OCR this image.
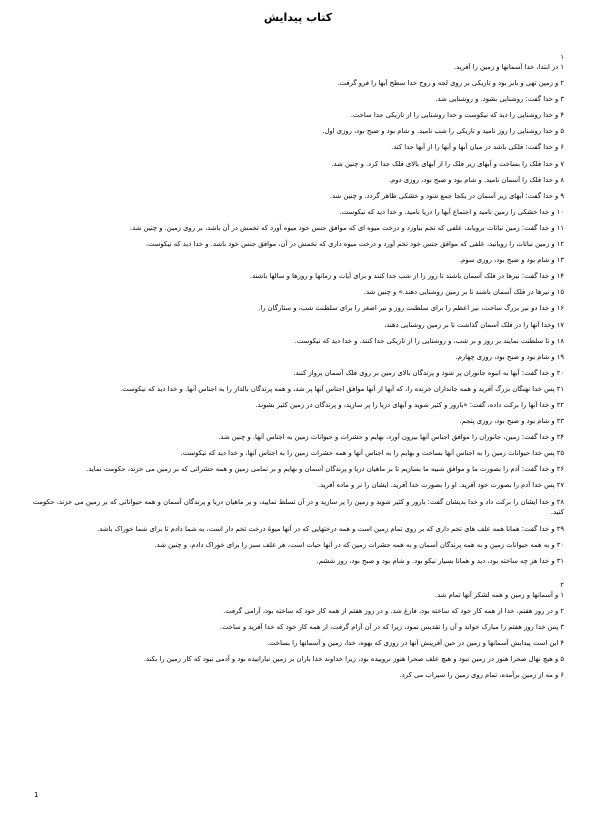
کتاب پیدایش
۱
۱در ابتدا، خدا آسمانها و زمین را آفرید.
۲و زمین تهی و بایر بود و تاریکی بر روی لجه و روح خدا سطح آبها را فرو گرفت.
۳و خدا گفت: روشنایی بشود. و روشنایی شد.
۴و خدا روشنایی را دید که نیکوست و خدا روشنایی را از تاریکی جدا ساخت.
۵و خدا روشنایی را روز نامید و تاریکی را شب نامید. و شام بود و صبح بود، روزی اول.
۶و خدا گفت: فلکی باشد در میان آبها و آبها را از آبها جدا کند.
۷و خدا فلک را بساخت و آبهای زیر فلک را از آبهای بالای فلک جدا کرد. و چنین شد.
۸و خدا فلک را آسمان نامید. و شام بود و صبح بود، روزی دوم.
۹و خدا گفت: آبهای زیر آسمان در یکجا جمع شود و خشکی ظاهر گردد. و چنین شد.
۱۰و خدا خشکی را زمین نامید و اجتماع آبها را دریا نامید. و خدا دید که نیکوست.
۱۱و خدا گفت: زمین نباتات برویاند، علفی که تخم بیاورد و درخت میوه ای که موافق جنس خود میوه آورد که تخمش در آن باشد، بر روی زمین. و چنین شد.
۱۲و زمین نباتات را رویانید، علفی که موافق جنس خود تخم آورد و درخت میوه داری که تخمش در آن، موافق جنس خود باشد. و خدا دید که نیکوست.
۱۳و شام بود و صبح بود، روزی سوم.
۱۴و خدا گفت: نیرها در فلک آسمان باشند تا روز را از شب جدا کنند و برای آیات و زمانها و روزها و سالها باشند.
۱۵و نیرها در فلک آسمان باشند تا بر زمین روشنایی دهند.» و چنین شد.
۱۶و خدا دو نیر بزرگ ساخت، نیر اعظم را برای سلطنت روز و نیر اصغر را برای سلطنت شب، و ستارگان را.
۱۷وخدا آنها را در فلک آسمان گذاشت تا بر زمین روشنایی دهند،
۱۸و تا سلطنت نمایند بر روز و بر شب، و روشنایی را از تاریکی جدا کنند. و خدا دید که نیکوست.
۱۹و شام بود و صبح بود، روزی چهارم.
۲۰و خدا گفت: آبها به انبوه جانوران پر شود و پرندگان بالای زمین بر روی فلک آسمان پرواز کنند.
۲۱پس خدا نهنگان بزرگ آفرید و همه جانداران خزنده را، که آبها از آنها موافق اجناس آنها پر شد، و همه پرندگان بالدار را به اجناس آنها. و خدا دید که نیکوست.
۲۲و خدا آنها را برکت داده، گفت: «بارور و کثیر شوید و آبهای دریا را پر سازید، و پرندگان در زمین کثیر بشوند.
۲۳و شام بود و صبح بود، روزی پنجم.
۲۴و خدا گفت: زمین، جانوران را موافق اجناس آنها بیرون آورد، بهایم و حشرات و حیوانات زمین به اجناس آنها. و چنین شد.
۲۵پس خدا حیوانات زمین را به اجناس آنها بساخت و بهایم را به اجناس آنها و همه حشرات زمین را به اجناس آنها. و خدا دید که نیکوست.
۲۶و خدا گفت: آدم را بصورت ما و موافق شبیه ما بسازیم تا بر ماهیان دریا و پرندگان آسمان و بهایم و بر تمامی زمین و همه حشراتی که بر زمین می خزند، حکومت نماید.
۲۷پس خدا آدم را بصورت خود آفرید. او را بصورت خدا آفرید. ایشان را نر و ماده آفرید.
۲۸و خدا ایشان را برکت داد و خدا بدیشان گفت: بارور و کثیر شوید و زمین را پر سازید و در آن تسلط نمایید، و بر ماهیان دریا و پرندگان آسمان و همه حیواناتی که بر زمین می خزند، حکومت کنید.
۲۹و خدا گفت: همانا همه علف های تخم داری که بر روی تمام زمین است و همه درختهایی که در آنها میوۀ درخت تخم دار است، به شما دادم تا برای شما خوراک باشد.
۳۰و به همه حیوانات زمین و به همه پرندگان آسمان و به همه حشرات زمین که در آنها حیات است، هر علف سبز را برای خوراک دادم. و چنین شد.
۳۱و خدا هر چه ساخته بود، دید و همانا بسیار نیکو بود. و شام بود و صبح بود، روز ششم.
۲
۱و آسمانها و زمین و همه لشکر آنها تمام شد.
۲و در روز هفتم، خدا از همه کار خود که ساخته بود، فارغ شد. و در روز هفتم از همه کار خود که ساخته بود، آرامی گرفت.
۳پس خدا روز هفتم را مبارک خواند و آن را تقدیس نمود، زیرا که در آن آرام گرفت، از همه کار خود که خدا آفرید و ساخت.
۴این است پیدایش آسمانها و زمین در حین آفرینش آنها در روزی که یهوه، خدا، زمین و آسمانها را بساخت.
۵و هیچ نهال صحرا هنوز در زمین نبود و هیچ علف صحرا هنوز نروییده بود، زیرا خداوند خدا باران بر زمین نبارانیده بود و آدمی نبود که کار زمین را بکند.
۶و مه از زمین برآمده، تمام روی زمین را سیراب می کرد.
1
